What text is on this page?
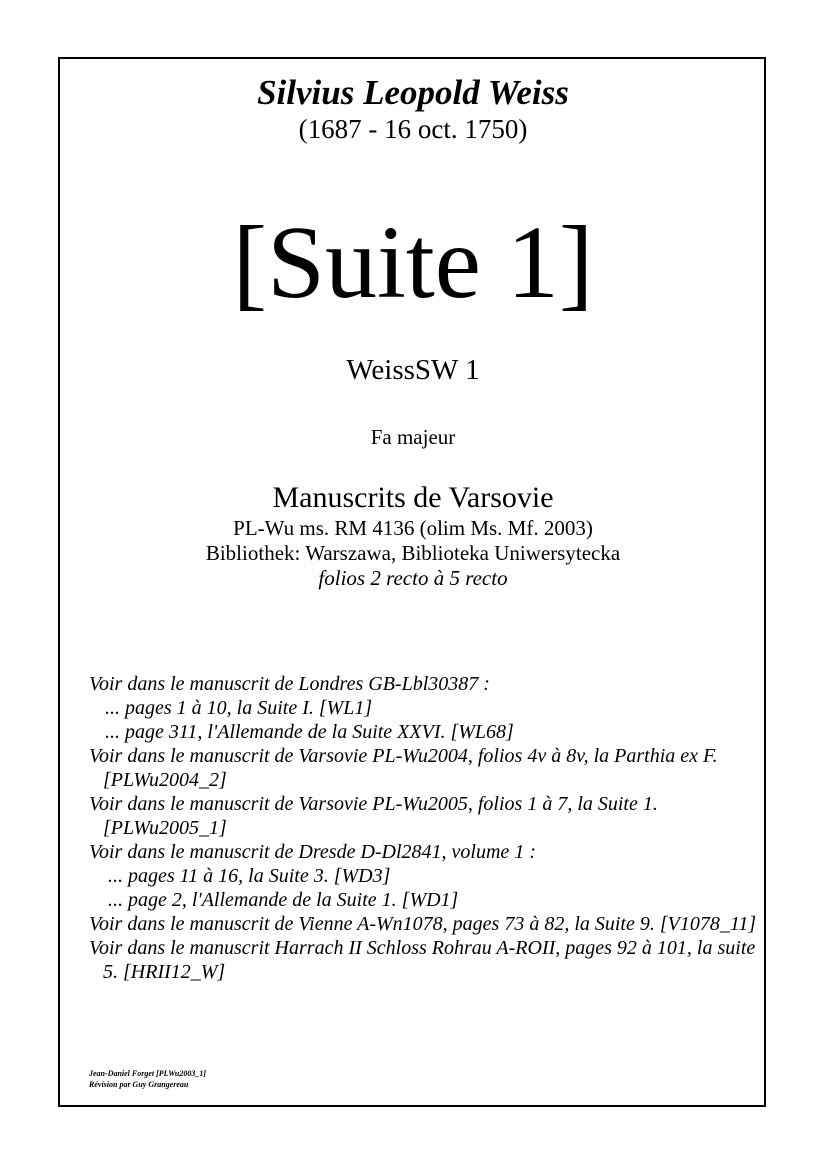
Silvius Leopold Weiss
(1687 - 16 oct. 1750)
[Suite 1]
WeissSW 1
Fa majeur
Manuscrits de Varsovie
PL-Wu ms. RM 4136 (olim Ms. Mf. 2003)
Bibliothek: Warszawa, Biblioteka Uniwersytecka
folios 2 recto à 5 recto
Voir dans le manuscrit de Londres GB-Lbl30387 :
... pages 1 à 10, la Suite I. [WL1]
... page 311, l'Allemande de la Suite XXVI. [WL68]
Voir dans le manuscrit de Varsovie PL-Wu2004, folios 4v à 8v, la Parthia ex F. [PLWu2004_2]
Voir dans le manuscrit de Varsovie PL-Wu2005, folios 1 à 7, la Suite 1. [PLWu2005_1]
Voir dans le manuscrit de Dresde D-Dl2841, volume 1 :
... pages 11 à 16, la Suite 3. [WD3]
... page 2, l'Allemande de la Suite 1. [WD1]
Voir dans le manuscrit de Vienne A-Wn1078, pages 73 à 82, la Suite 9. [V1078_11]
Voir dans le manuscrit Harrach II Schloss Rohrau A-ROII, pages 92 à 101, la suite 5. [HRII12_W]
Jean-Daniel Forget [PLWu2003_1]
Révision par Guy Grangereau
